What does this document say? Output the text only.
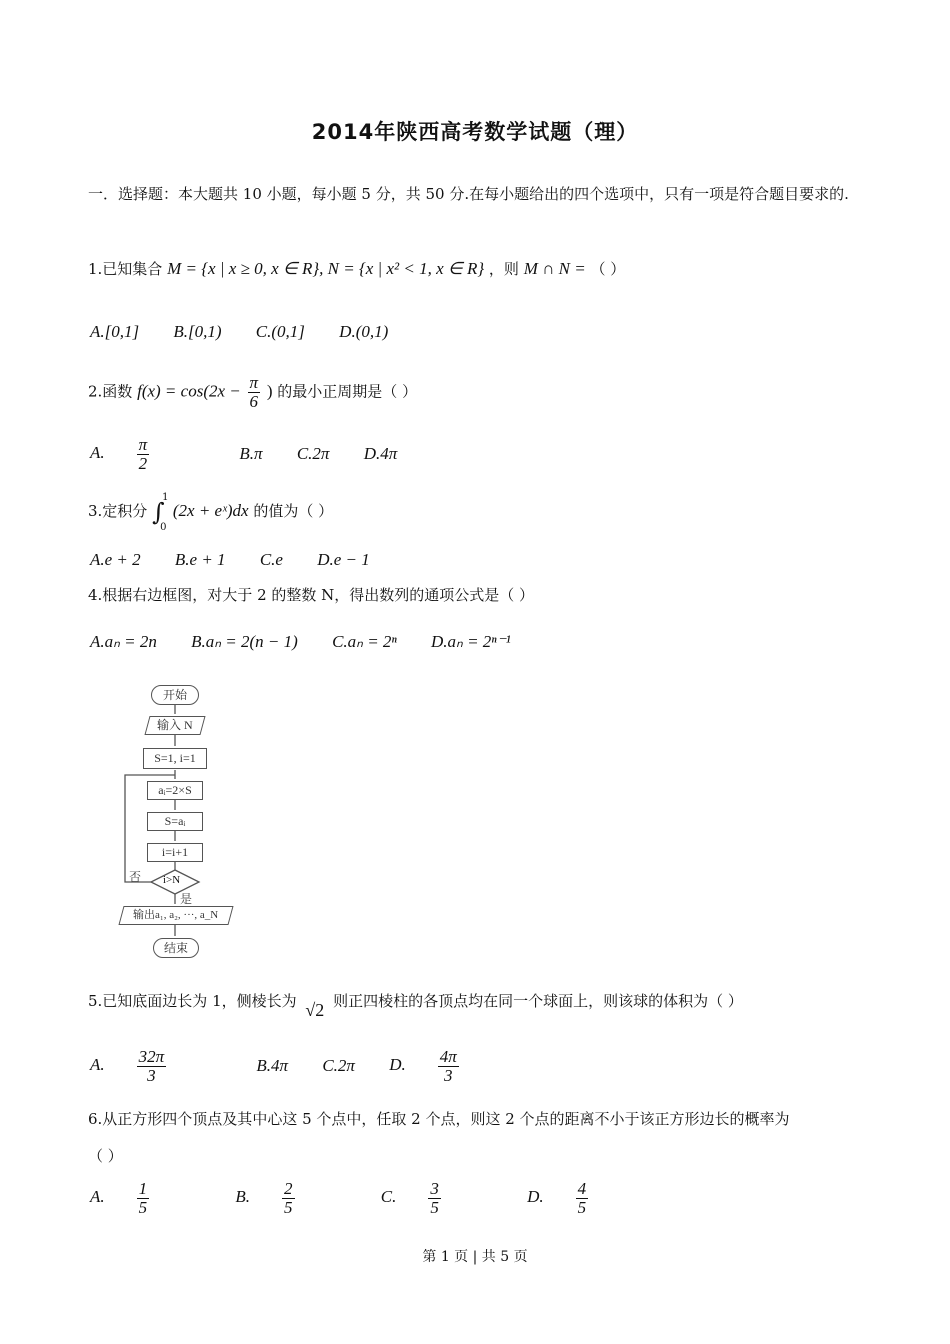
2014年陕西高考数学试题（理）
一．选择题：本大题共 10 小题，每小题 5 分，共 50 分.在每小题给出的四个选项中，只有一项是符合题目要求的.
1.已知集合 M = {x | x ≥ 0, x ∈ R}, N = {x | x² < 1, x ∈ R} ，则 M ∩ N = （ ）
A.[0,1] B.[0,1) C.(0,1] D.(0,1)
2.函数 $f(x) = \cos(2x - \frac{\pi}{6}$ ) 的最小正周期是（ ）
A. $\frac{\pi}{2}$	B.π C.2π D.4π
3.定积分 ∫
1
0
(2x + eˣ)dx 的值为（ ）
A.e + 2 B.e + 1 C.e D.e − 1
4.根据右边框图，对大于 2 的整数 N，得出数列的通项公式是（ ）
A.aₙ = 2n B.aₙ = 2(n − 1) C.aₙ = 2ⁿ D.aₙ = 2ⁿ⁻¹
开始
输入 N
S=1, i=1
aᵢ=2×S
S=aᵢ
i=i+1
i>N
否
是
输出a₁, a₂, ···, a_N
结束
5.已知底面边长为 1，侧棱长为 √2 则正四棱柱的各顶点均在同一个球面上，则该球的体积为（ ）
A. $\frac{32\pi}{3}$	B.4π C.2π D. $\frac{4\pi}{3}$
6.从正方形四个顶点及其中心这 5 个点中，任取 2 个点，则这 2 个点的距离不小于该正方形边长的概率为
（ ）
A. $\frac{1}{5}$	B. $\frac{2}{5}$	C. $\frac{3}{5}$	D. $\frac{4}{5}$
第 1 页 | 共 5 页
